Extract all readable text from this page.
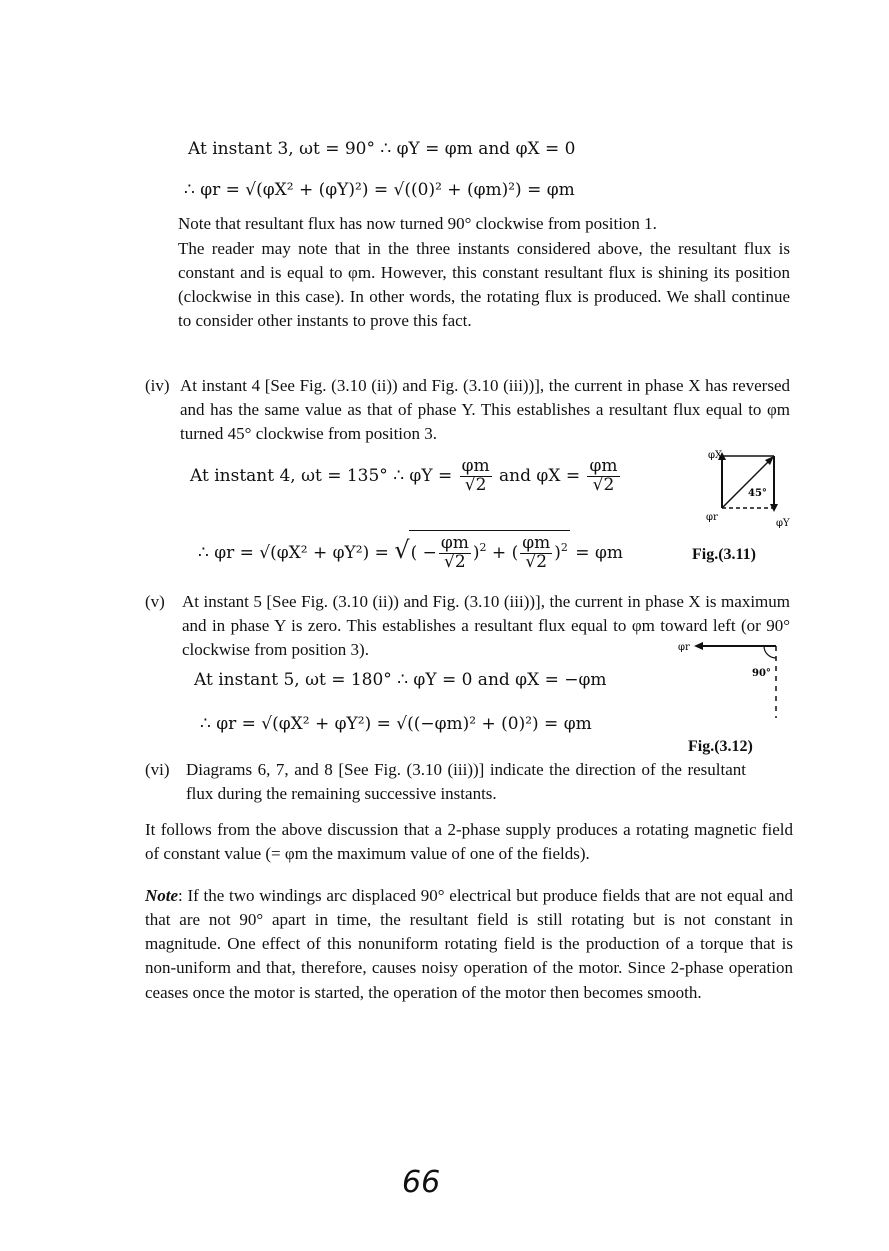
At instant 3, ωt = 90° ∴ φY = φm and φX = 0
∴ φr = √(φX² + (φY)²) = √((0)² + (φm)²) = φm
Note that resultant flux has now turned 90° clockwise from position 1.
The reader may note that in the three instants considered above, the resultant flux is constant and is equal to φm. However, this constant resultant flux is shining its position (clockwise in this case). In other words, the rotating flux is produced. We shall continue to consider other instants to prove this fact.
(iv) At instant 4 [See Fig. (3.10 (ii)) and Fig. (3.10 (iii))], the current in phase X has reversed and has the same value as that of phase Y. This establishes a resultant flux equal to φm turned 45° clockwise from position 3.
At instant 4, ωt = 135° ∴ $\varphi Y = \frac{\varphi m}{√2}$ and $\varphi X = \frac{\varphi m}{√2}$
∴ φr = √(φX² + φY²) = √( − $\frac{\varphi m}{√2} )^2$ + ( $\frac{\varphi m}{√2} )^2 = \varphi m$
φX
45°
φr
φY
Fig.(3.11)
(v) At instant 5 [See Fig. (3.10 (ii)) and Fig. (3.10 (iii))], the current in phase X is maximum and in phase Y is zero. This establishes a resultant flux equal to φm toward left (or 90° clockwise from position 3).	φr
90°
At instant 5, ωt = 180° ∴ φY = 0 and φX = −φm
∴ φr = √(φX² + φY²) = √((−φm)² + (0)²) = φm
Fig.(3.12)
(vi) Diagrams 6, 7, and 8 [See Fig. (3.10 (iii))] indicate the direction of the resultant flux during the remaining successive instants.
It follows from the above discussion that a 2-phase supply produces a rotating magnetic field of constant value (= φm the maximum value of one of the fields).
Note: If the two windings arc displaced 90° electrical but produce fields that are not equal and that are not 90° apart in time, the resultant field is still rotating but is not constant in magnitude. One effect of this nonuniform rotating field is the production of a torque that is non-uniform and that, therefore, causes noisy operation of the motor. Since 2-phase operation ceases once the motor is started, the operation of the motor then becomes smooth.
66
